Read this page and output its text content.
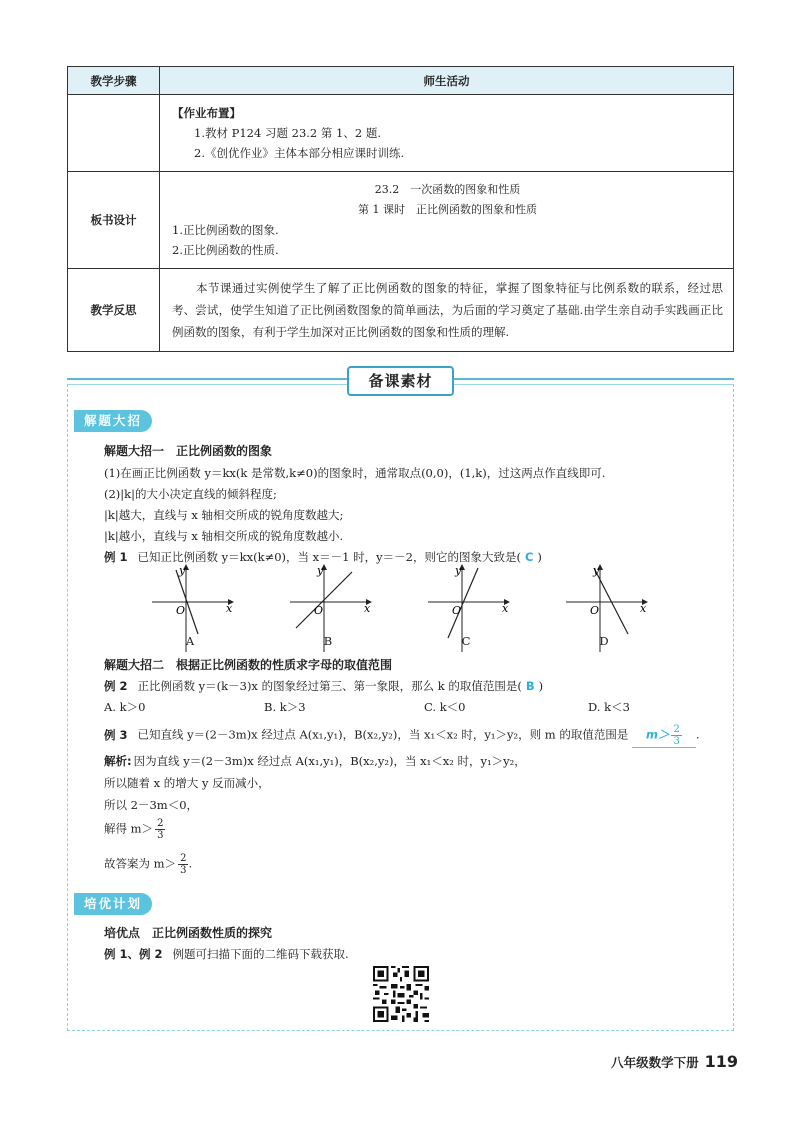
教学步骤	师生活动

	【作业布置】
1.教材 P124 习题 23.2 第 1、2 题.
2.《创优作业》主体本部分相应课时训练.

板书设计	23.2　一次函数的图象和性质
第 1 课时　正比例函数的图象和性质
1.正比例函数的图象.
2.正比例函数的性质.

教学反思	本节课通过实例使学生了解了正比例函数的图象的特征，掌握了图象特征与比例系数的联系，经过思考、尝试，使学生知道了正比例函数图象的简单画法，为后面的学习奠定了基础.由学生亲自动手实践画正比例函数的图象，有利于学生加深对正比例函数的图象和性质的理解.
备课素材
解题大招
解题大招一　正比例函数的图象
(1)在画正比例函数 y＝kx(k 是常数,k≠0)的图象时，通常取点(0,0)，(1,k)，过这两点作直线即可.
(2)|k|的大小决定直线的倾斜程度;
|k|越大，直线与 x 轴相交所成的锐角度数越大;
|k|越小，直线与 x 轴相交所成的锐角度数越小.
例 1 已知正比例函数 y＝kx(k≠0)，当 x＝－1 时，y＝－2，则它的图象大致是( C )
y
x
O
y
x
O
y
x
O
y
x
O
A	B	C	D
解题大招二　根据正比例函数的性质求字母的取值范围
例 2 正比例函数 y＝(k－3)x 的图象经过第三、第一象限，那么 k 的取值范围是( B )
A. k＞0	B. k＞3	C. k＜0	D. k＜3
例 3 已知直线 y＝(2－3m)x 经过点 A(x₁,y₁)，B(x₂,y₂)，当 x₁＜x₂ 时，y₁＞y₂，则 m 的取值范围是 $m> \frac{2}{3}$ .
解析: 因为直线 y＝(2－3m)x 经过点 A(x₁,y₁)，B(x₂,y₂)，当 x₁＜x₂ 时，y₁＞y₂，
所以随着 x 的增大 y 反而减小，
所以 2－3m＜0，
解得 $m> \frac{2}{3}$
故答案为 $m> \frac{2}{3}$ .
培优计划
培优点　正比例函数性质的探究
例 1、例 2 例题可扫描下面的二维码下载获取.
八年级数学下册 119
